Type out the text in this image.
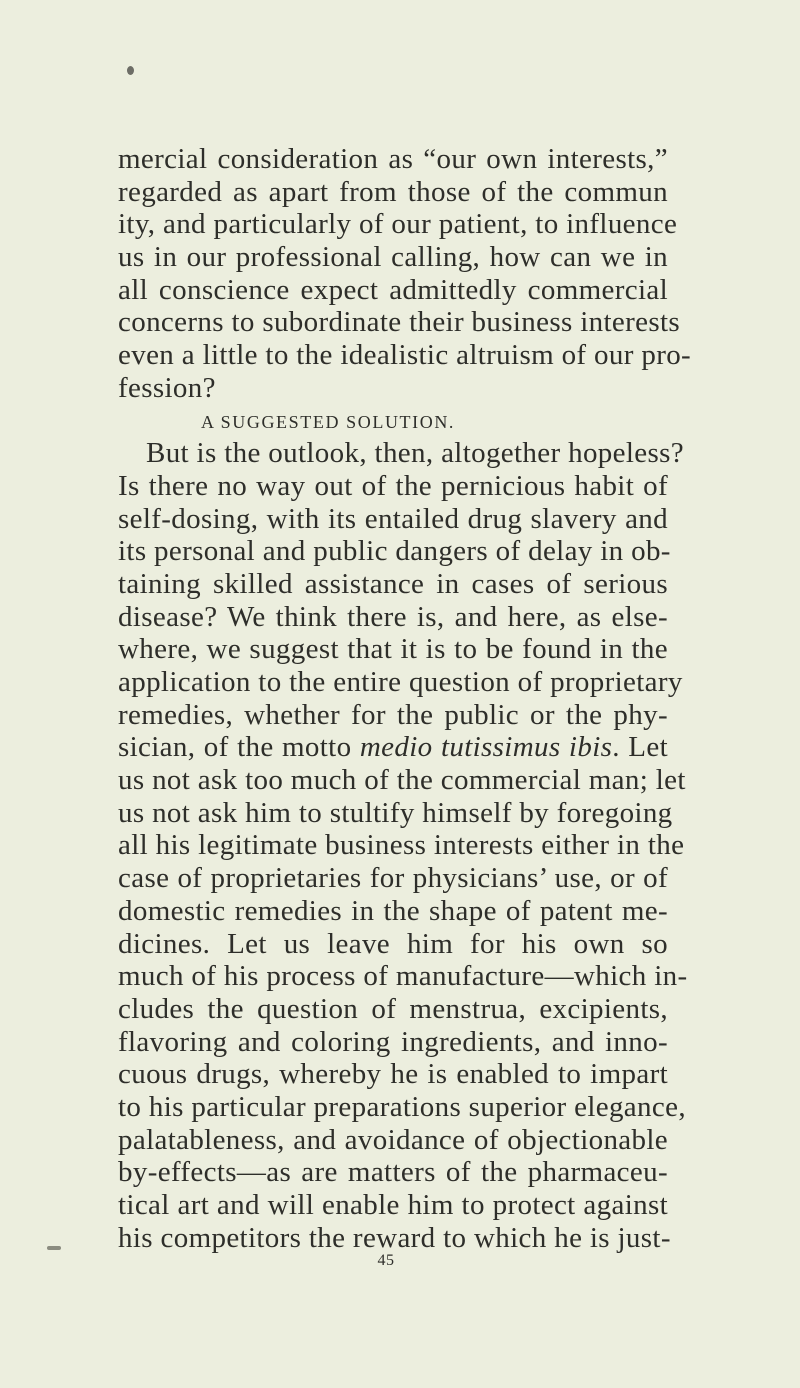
mercial consideration as “our own interests,”
regarded as apart from those of the commun
ity, and particularly of our patient, to influence
us in our professional calling, how can we in
all conscience expect admittedly commercial
concerns to subordinate their business interests
even a little to the idealistic altruism of our pro-
fession?
A SUGGESTED SOLUTION.
But is the outlook, then, altogether hopeless?
Is there no way out of the pernicious habit of
self-dosing, with its entailed drug slavery and
its personal and public dangers of delay in ob-
taining skilled assistance in cases of serious
disease? We think there is, and here, as else-
where, we suggest that it is to be found in the
application to the entire question of proprietary
remedies, whether for the public or the phy-
sician, of the motto medio tutissimus ibis. Let
us not ask too much of the commercial man; let
us not ask him to stultify himself by foregoing
all his legitimate business interests either in the
case of proprietaries for physicians’ use, or of
domestic remedies in the shape of patent me-
dicines. Let us leave him for his own so
much of his process of manufacture—which in-
cludes the question of menstrua, excipients,
flavoring and coloring ingredients, and inno-
cuous drugs, whereby he is enabled to impart
to his particular preparations superior elegance,
palatableness, and avoidance of objectionable
by-effects—as are matters of the pharmaceu-
tical art and will enable him to protect against
his competitors the reward to which he is just-
45
